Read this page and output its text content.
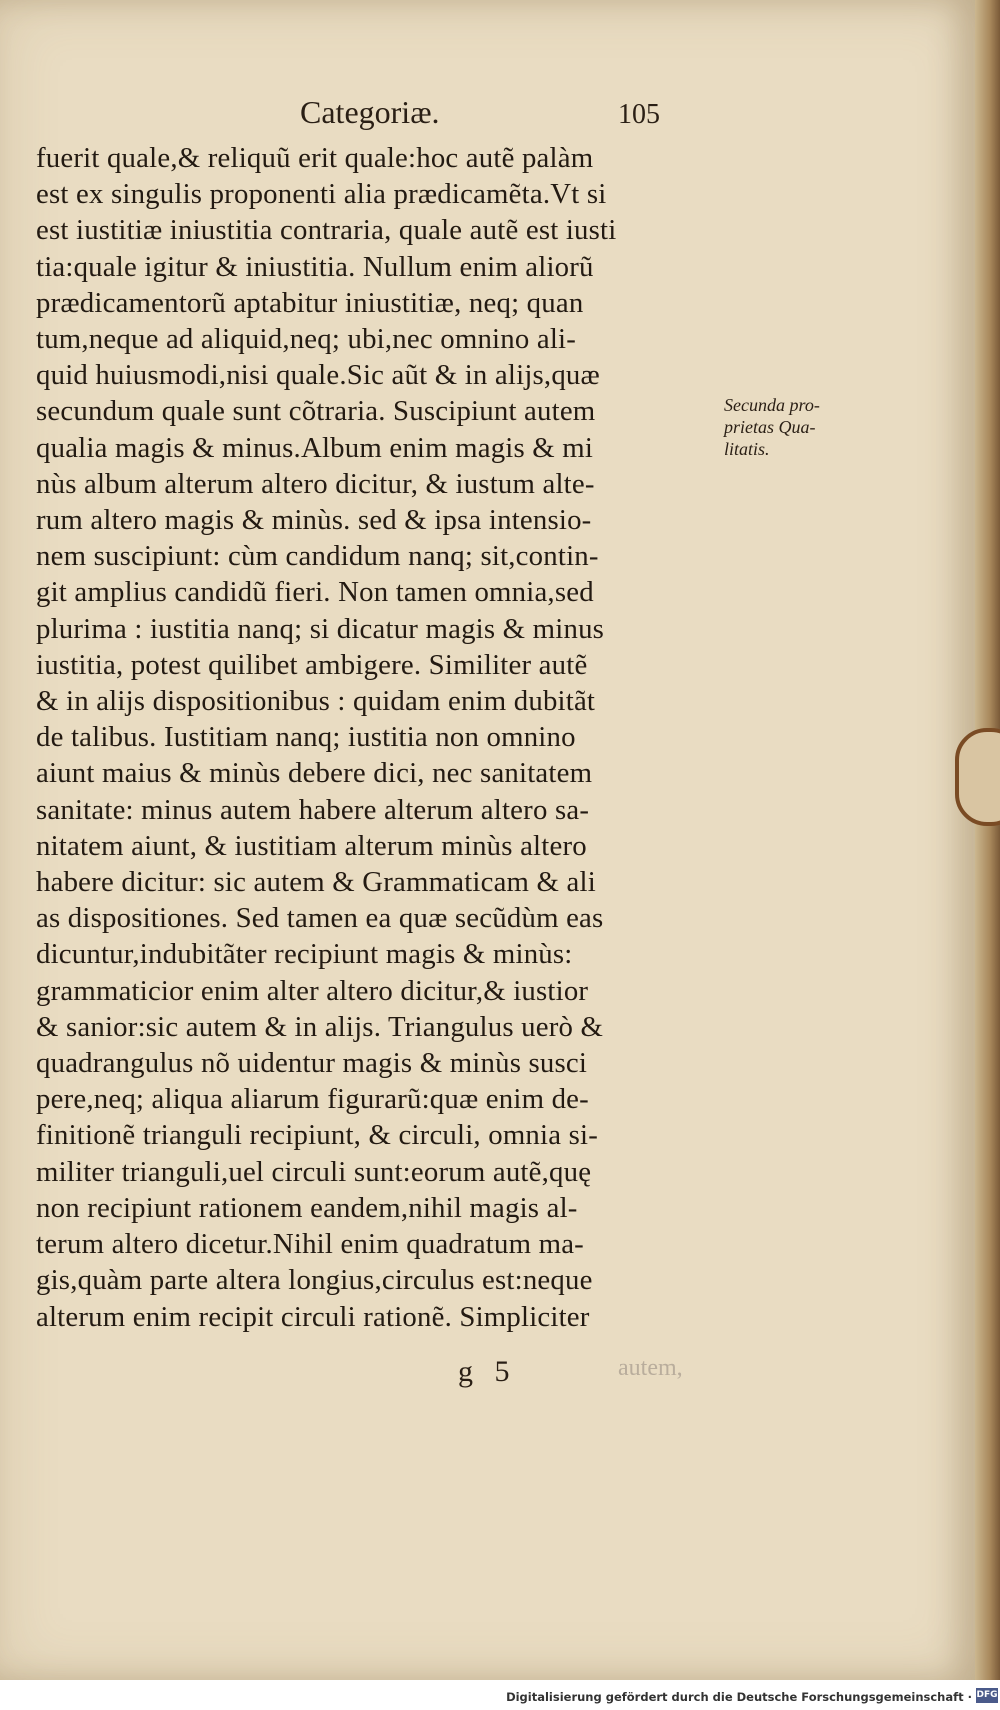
Categoriæ.	105
fuerit quale,& reliquũ erit quale:hoc autẽ palàm
est ex singulis proponenti alia prædicamẽta.Vt si
est iustitiæ iniustitia contraria, quale autẽ est iusti
tia:quale igitur & iniustitia. Nullum enim aliorũ
prædicamentorũ aptabitur iniustitiæ, neq; quan
tum,neque ad aliquid,neq; ubi,nec omnino ali-
quid huiusmodi,nisi quale.Sic aũt & in alijs,quæ
secundum quale sunt cõtraria. Suscipiunt autem
qualia magis & minus.Album enim magis & mi
nùs album alterum altero dicitur, & iustum alte-
rum altero magis & minùs. sed & ipsa intensio-
nem suscipiunt: cùm candidum nanq; sit,contin-
git amplius candidũ fieri. Non tamen omnia,sed
plurima : iustitia nanq; si dicatur magis & minus
iustitia, potest quilibet ambigere. Similiter autẽ
& in alijs dispositionibus : quidam enim dubitãt
de talibus. Iustitiam nanq; iustitia non omnino
aiunt maius & minùs debere dici, nec sanitatem
sanitate: minus autem habere alterum altero sa-
nitatem aiunt, & iustitiam alterum minùs altero
habere dicitur: sic autem & Grammaticam & ali
as dispositiones. Sed tamen ea quæ secũdùm eas
dicuntur,indubitãter recipiunt magis & minùs:
grammaticior enim alter altero dicitur,& iustior
& sanior:sic autem & in alijs. Triangulus uerò &
quadrangulus nõ uidentur magis & minùs susci
pere,neq; aliqua aliarum figurarũ:quæ enim de-
finitionẽ trianguli recipiunt, & circuli, omnia si-
militer trianguli,uel circuli sunt:eorum autẽ,quę
non recipiunt rationem eandem,nihil magis al-
terum altero dicetur.Nihil enim quadratum ma-
gis,quàm parte altera longius,circulus est:neque
alterum enim recipit circuli rationẽ. Simpliciter
Secunda pro-
prietas Qua-
litatis.
g 5	autem,
Digitalisierung gefördert durch die Deutsche Forschungsgemeinschaft · DFG
